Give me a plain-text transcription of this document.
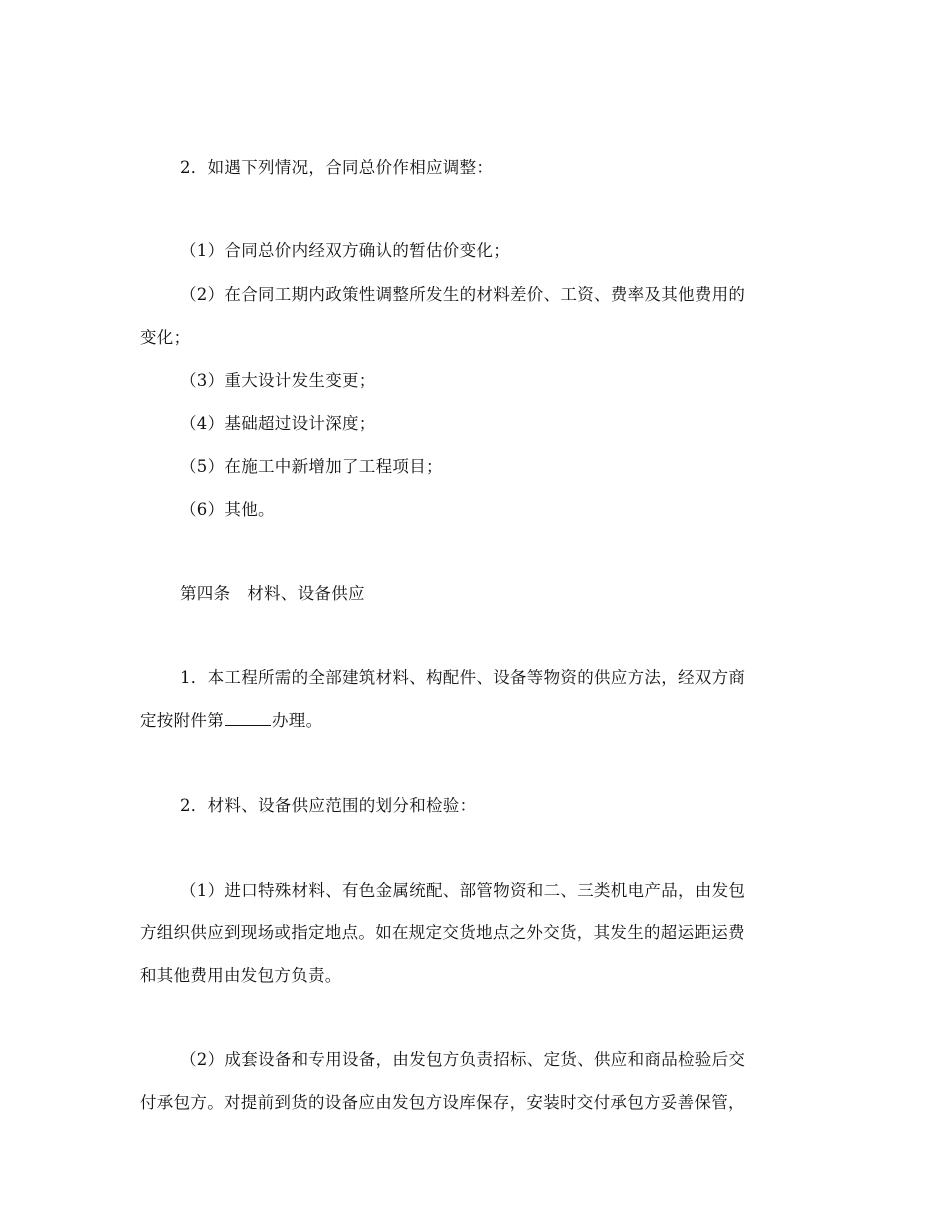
2．如遇下列情况，合同总价作相应调整：
（1）合同总价内经双方确认的暂估价变化；
（2）在合同工期内政策性调整所发生的材料差价、工资、费率及其他费用的
变化；
（3）重大设计发生变更；
（4）基础超过设计深度；
（5）在施工中新增加了工程项目；
（6）其他。
第四条　材料、设备供应
1．本工程所需的全部建筑材料、构配件、设备等物资的供应方法，经双方商
定按附件第	办理。
2．材料、设备供应范围的划分和检验：
（1）进口特殊材料、有色金属统配、部管物资和二、三类机电产品，由发包
方组织供应到现场或指定地点。如在规定交货地点之外交货，其发生的超运距运费
和其他费用由发包方负责。
（2）成套设备和专用设备，由发包方负责招标、定货、供应和商品检验后交
付承包方。对提前到货的设备应由发包方设库保存，安装时交付承包方妥善保管，
